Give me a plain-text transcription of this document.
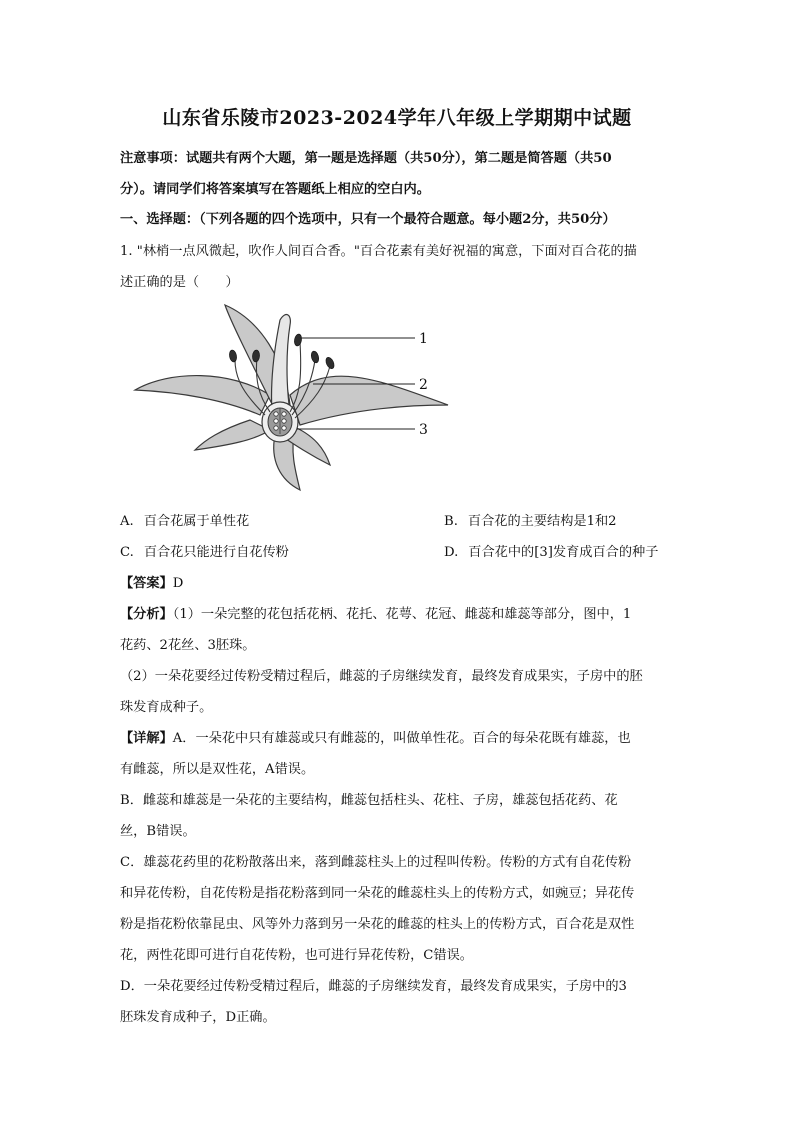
山东省乐陵市2023-2024学年八年级上学期期中试题
注意事项：试题共有两个大题，第一题是选择题（共50分），第二题是简答题（共50
分）。请同学们将答案填写在答题纸上相应的空白内。
一、选择题：（下列各题的四个选项中，只有一个最符合题意。每小题2分，共50分）
1. "林梢一点风微起，吹作人间百合香。"百合花素有美好祝福的寓意，下面对百合花的描
述正确的是（　　）
1
2
3
A. 百合花属于单性花	B. 百合花的主要结构是1和2
C. 百合花只能进行自花传粉	D. 百合花中的[3]发育成百合的种子
【答案】D
【分析】（1）一朵完整的花包括花柄、花托、花萼、花冠、雌蕊和雄蕊等部分，图中，1
花药、2花丝、3胚珠。
（2）一朵花要经过传粉受精过程后，雌蕊的子房继续发育，最终发育成果实，子房中的胚
珠发育成种子。
【详解】A．一朵花中只有雄蕊或只有雌蕊的，叫做单性花。百合的每朵花既有雄蕊，也
有雌蕊，所以是双性花，A错误。
B．雌蕊和雄蕊是一朵花的主要结构，雌蕊包括柱头、花柱、子房，雄蕊包括花药、花
丝，B错误。
C．雄蕊花药里的花粉散落出来，落到雌蕊柱头上的过程叫传粉。传粉的方式有自花传粉
和异花传粉，自花传粉是指花粉落到同一朵花的雌蕊柱头上的传粉方式，如豌豆；异花传
粉是指花粉依靠昆虫、风等外力落到另一朵花的雌蕊的柱头上的传粉方式，百合花是双性
花，两性花即可进行自花传粉，也可进行异花传粉，C错误。
D．一朵花要经过传粉受精过程后，雌蕊的子房继续发育，最终发育成果实，子房中的3
胚珠发育成种子，D正确。
